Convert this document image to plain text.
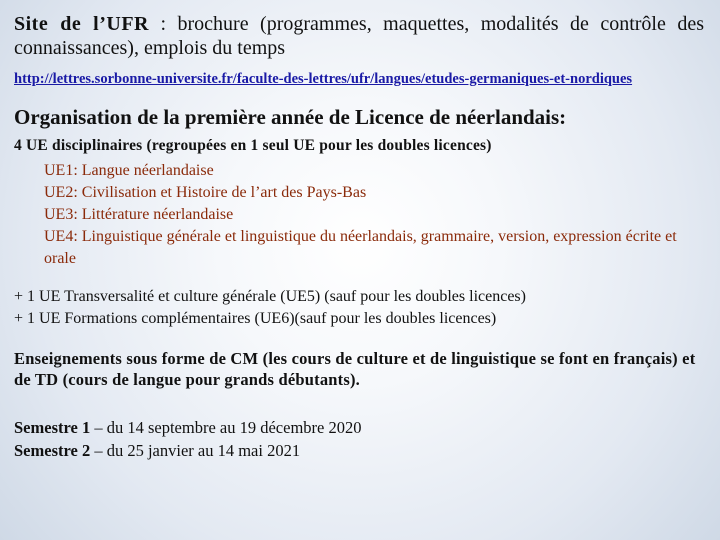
Site de l’UFR : brochure (programmes, maquettes, modalités de contrôle des connaissances), emplois du temps

http://lettres.sorbonne-universite.fr/faculte-des-lettres/ufr/langues/etudes-germaniques-et-nordiques

Organisation de la première année de Licence de néerlandais:

4 UE disciplinaires (regroupées en 1 seul UE pour les doubles licences)

UE1: Langue néerlandaise
UE2: Civilisation et Histoire de l’art des Pays-Bas
UE3: Littérature néerlandaise
UE4: Linguistique générale et linguistique du néerlandais, grammaire, version, expression écrite et orale

+ 1 UE Transversalité et culture générale (UE5) (sauf pour les doubles licences)

+ 1 UE Formations complémentaires (UE6)(sauf pour les doubles licences)

Enseignements sous forme de CM (les cours de culture et de linguistique se font en français) et de TD (cours de langue pour grands débutants).

Semestre 1 – du 14 septembre au 19 décembre 2020

Semestre 2 – du 25 janvier au 14 mai 2021
